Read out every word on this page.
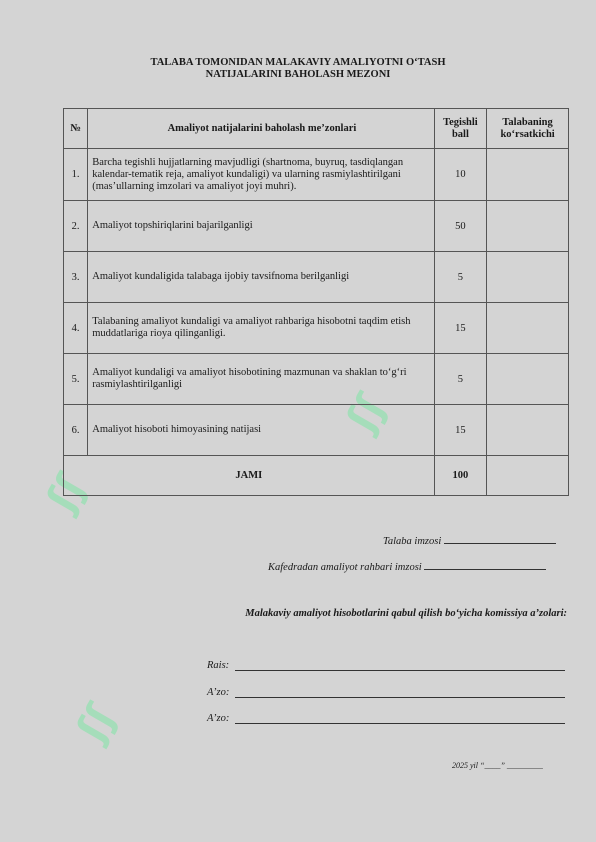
ʃʃ
ʃʃ
ʃʃ
TALABA TOMONIDAN MALAKAVIY AMALIYOTNI O‘TASH
NATIJALARINI BAHOLASH MEZONI
№	Amaliyot natijalarini baholash me’zonlari	Tegishli ball	Talabaning ko‘rsatkichi
1.	Barcha tegishli hujjatlarning mavjudligi (shartnoma, buyruq, tasdiqlangan kalendar-tematik reja, amaliyot kundaligi) va ularning rasmiylashtirilgani (mas’ullarning imzolari va amaliyot joyi muhri).	10	
2.	Amaliyot topshiriqlarini bajarilganligi	50	
3.	Amaliyot kundaligida talabaga ijobiy tavsifnoma berilganligi	5	
4.	Talabaning amaliyot kundaligi va amaliyot rahbariga hisobotni taqdim etish muddatlariga rioya qilinganligi.	15	
5.	Amaliyot kundaligi va amaliyot hisobotining mazmunan va shaklan to‘g‘ri rasmiylashtirilganligi	5	
6.	Amaliyot hisoboti himoyasining natijasi	15	
JAMI		100	
Talaba imzosi
Kafedradan amaliyot rahbari imzosi
Malakaviy amaliyot hisobotlarini qabul qilish bo‘yicha komissiya a’zolari:
Rais:
A’zo:
A’zo:
2025 yil “____” _________
